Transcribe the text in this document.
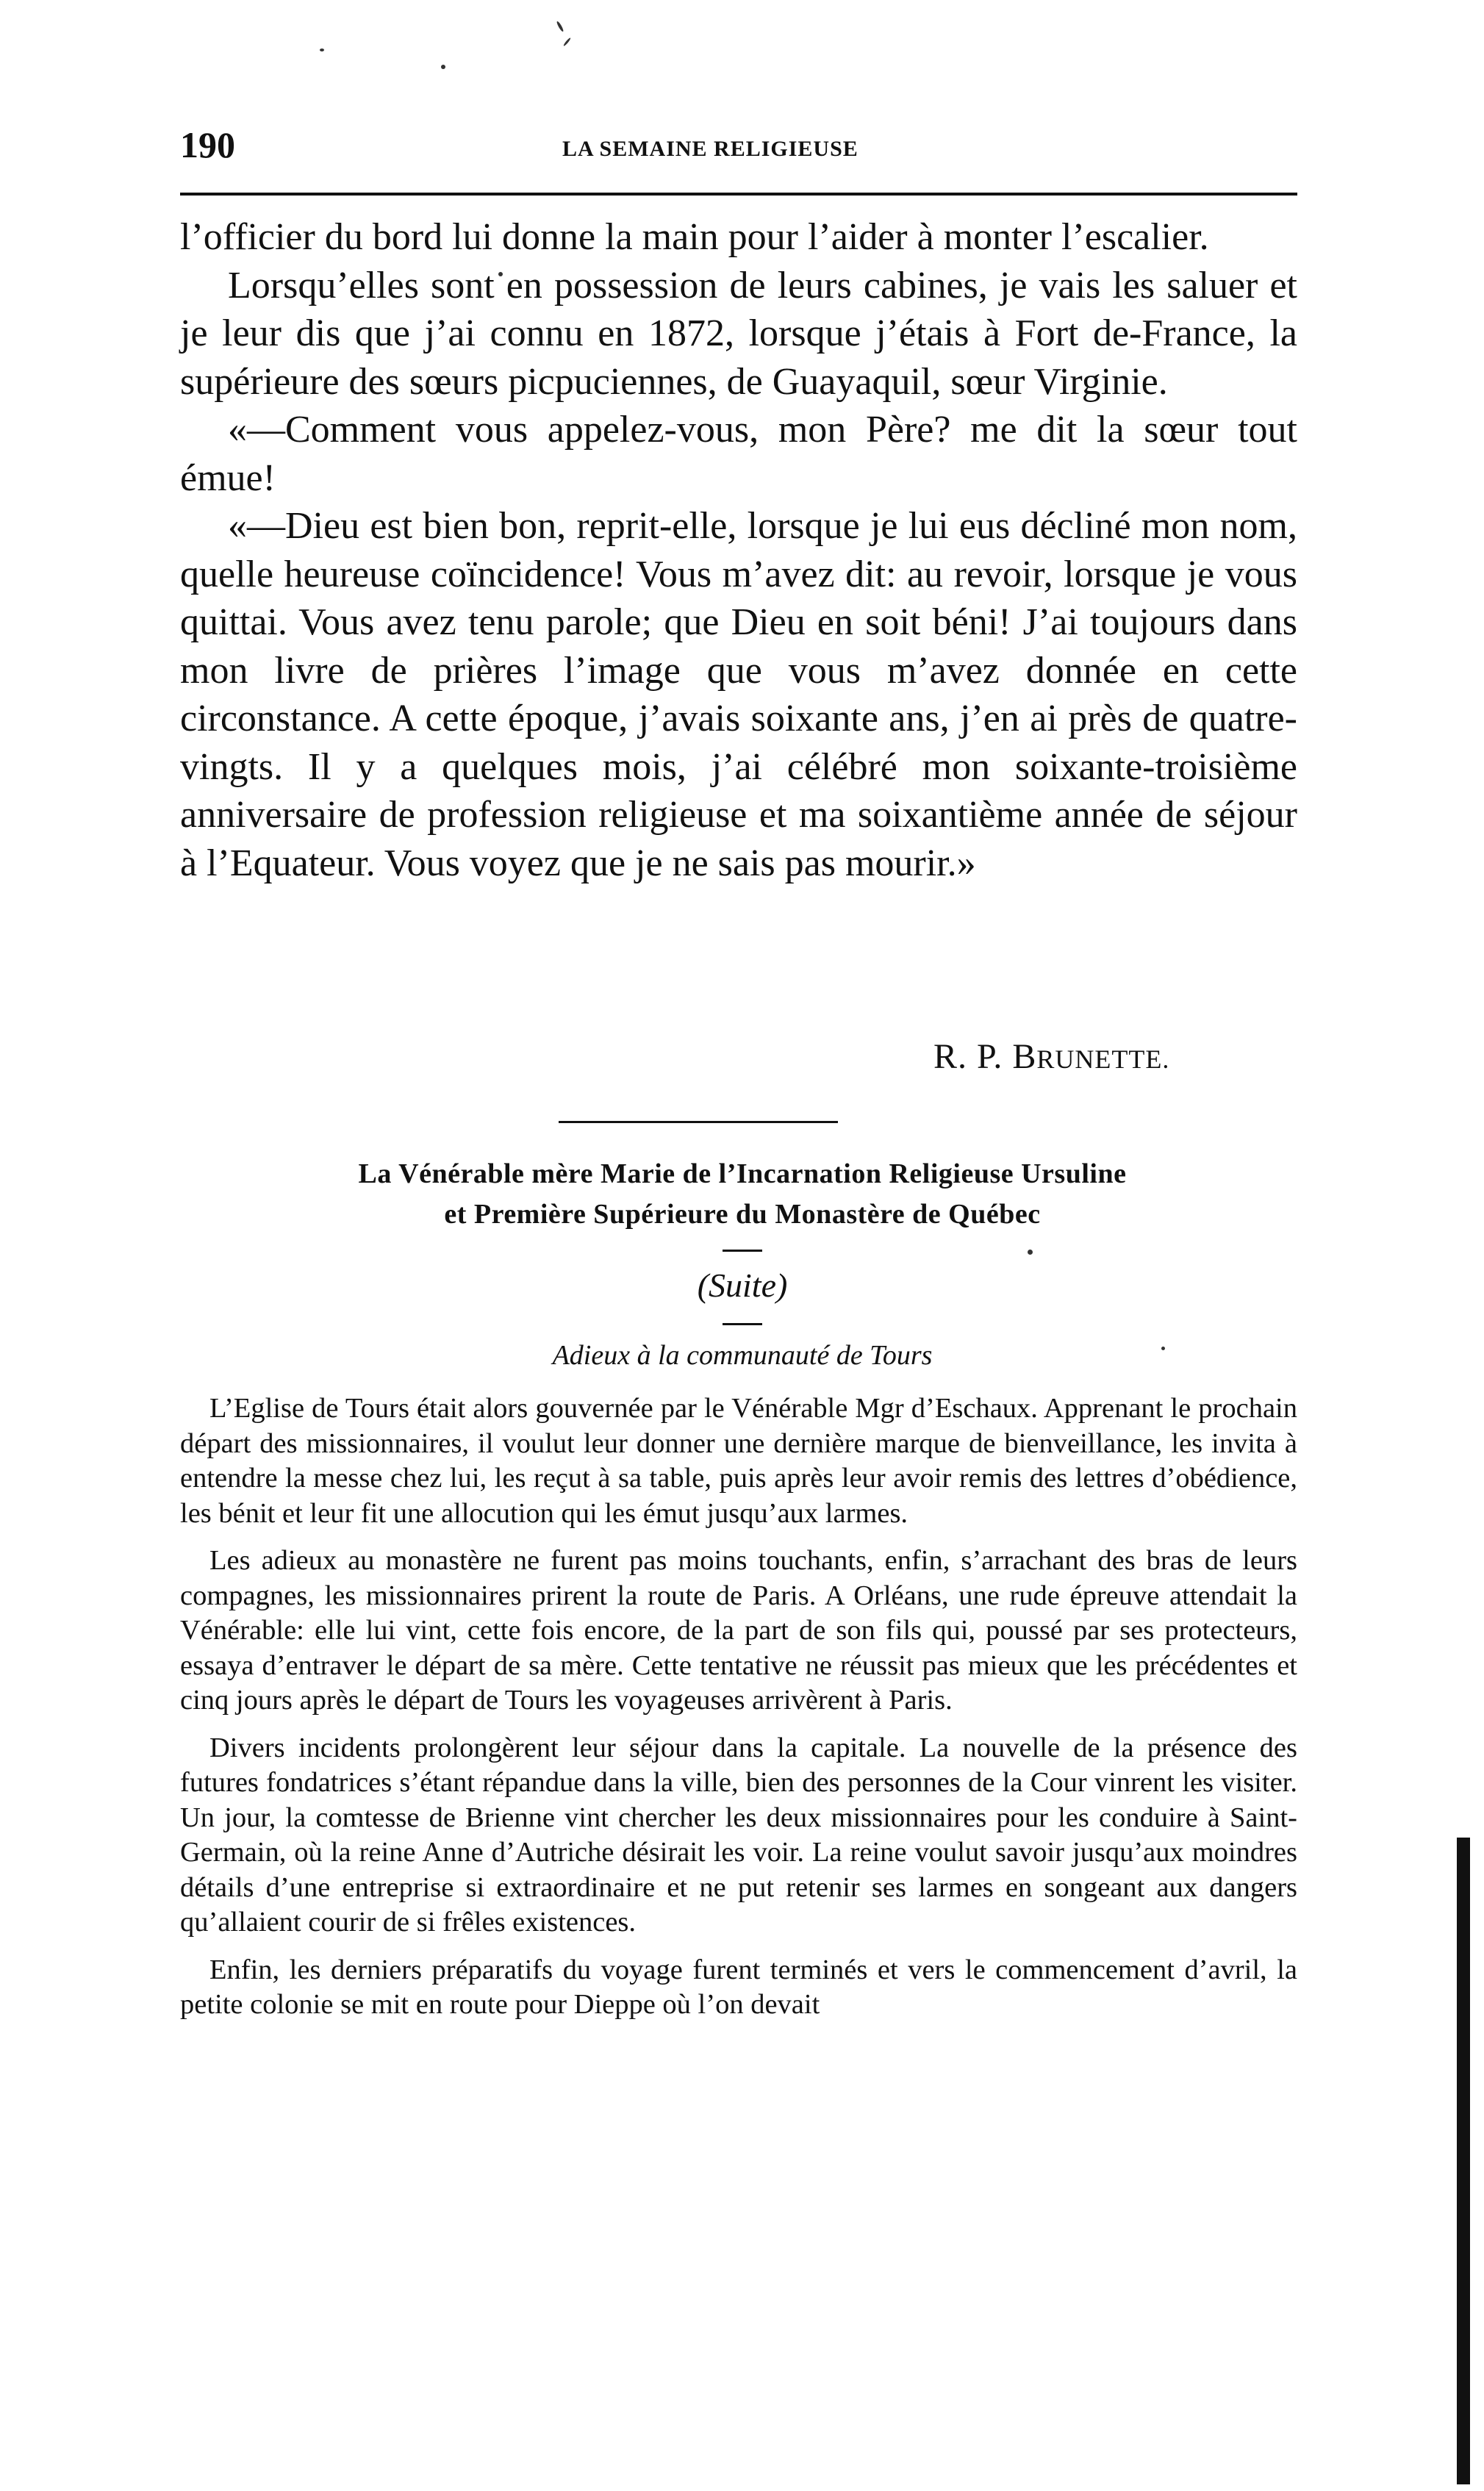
190	LA SEMAINE RELIGIEUSE

l’officier du bord lui donne la main pour l’aider à monter l’escalier.

Lorsqu’elles sont en possession de leurs cabines, je vais les saluer et je leur dis que j’ai connu en 1872, lorsque j’étais à Fort de-France, la supérieure des sœurs picpuciennes, de Guayaquil, sœur Virginie.

«—Comment vous appelez-vous, mon Père? me dit la sœur tout émue!

«—Dieu est bien bon, reprit-elle, lorsque je lui eus décliné mon nom, quelle heureuse coïncidence! Vous m’avez dit: au revoir, lorsque je vous quittai. Vous avez tenu parole; que Dieu en soit béni! J’ai toujours dans mon livre de prières l’image que vous m’avez donnée en cette circonstance. A cette époque, j’avais soixante ans, j’en ai près de quatre-vingts. Il y a quelques mois, j’ai célébré mon soixante-troisième anniversaire de profession religieuse et ma soixantième année de séjour à l’Equateur. Vous voyez que je ne sais pas mourir.»

R. P. BRUNETTE.
La Vénérable mère Marie de l’Incarnation Religieuse Ursuline
et Première Supérieure du Monastère de Québec
(Suite)
Adieux à la communauté de Tours

L’Eglise de Tours était alors gouvernée par le Vénérable Mgr d’Eschaux. Apprenant le prochain départ des missionnaires, il voulut leur donner une dernière marque de bienveillance, les invita à entendre la messe chez lui, les reçut à sa table, puis après leur avoir remis des lettres d’obédience, les bénit et leur fit une allocution qui les émut jusqu’aux larmes.

Les adieux au monastère ne furent pas moins touchants, enfin, s’arrachant des bras de leurs compagnes, les missionnaires prirent la route de Paris. A Orléans, une rude épreuve attendait la Vénérable: elle lui vint, cette fois encore, de la part de son fils qui, poussé par ses protecteurs, essaya d’entraver le départ de sa mère. Cette tentative ne réussit pas mieux que les précédentes et cinq jours après le départ de Tours les voyageuses arrivèrent à Paris.

Divers incidents prolongèrent leur séjour dans la capitale. La nouvelle de la présence des futures fondatrices s’étant répandue dans la ville, bien des personnes de la Cour vinrent les visiter. Un jour, la comtesse de Brienne vint chercher les deux missionnaires pour les conduire à Saint-Germain, où la reine Anne d’Autriche désirait les voir. La reine voulut savoir jusqu’aux moindres détails d’une entreprise si extraordinaire et ne put retenir ses larmes en songeant aux dangers qu’allaient courir de si frêles existences.

Enfin, les derniers préparatifs du voyage furent terminés et vers le commencement d’avril, la petite colonie se mit en route pour Dieppe où l’on devait
